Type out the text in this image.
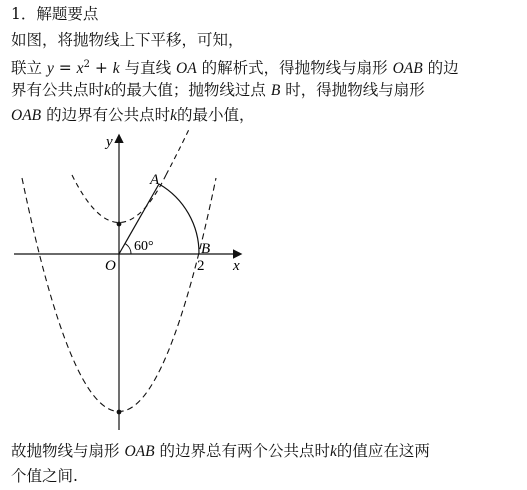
1．解题要点
如图，将抛物线上下平移，可知，
联立 $y = x^2 + k$ 与直线 OA 的解析式，得抛物线与扇形 OAB 的边
界有公共点时k的最大值；抛物线过点 B 时，得抛物线与扇形
OAB 的边界有公共点时k的最小值，
y
x
O
A
B
2
60°
故抛物线与扇形 OAB 的边界总有两个公共点时k的值应在这两
个值之间.
